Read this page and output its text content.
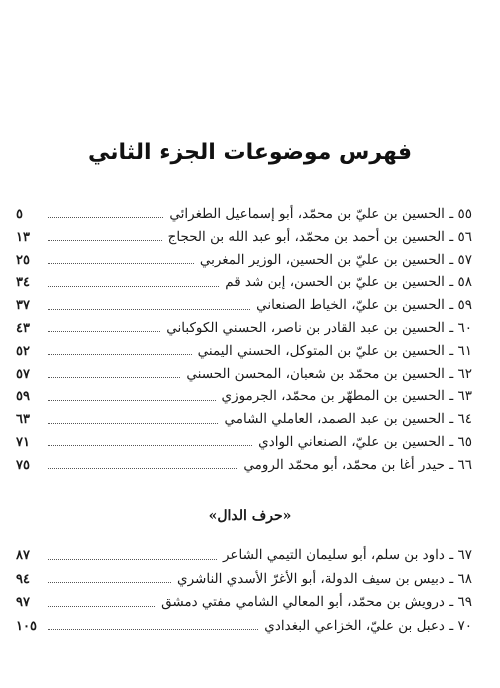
فهرس موضوعات الجزء الثاني
٥٥ ـ

الحسين بن عليّ بن محمّد، أبو إسماعيل الطغرائي
٥
٥٦ ـ

الحسين بن أحمد بن محمّد، أبو عبد الله بن الحجاج
١٣
٥٧ ـ

الحسين بن عليّ بن الحسين، الوزير المغربي
٢٥
٥٨ ـ

الحسين بن عليّ بن الحسن، إبن شد قم
٣٤
٥٩ ـ

الحسين بن عليّ، الخياط الصنعاني
٣٧
٦٠ ـ

الحسين بن عبد القادر بن ناصر، الحسني الكوكباني
٤٣
٦١ ـ

الحسين بن عليّ بن المتوكل، الحسني اليمني
٥٢
٦٢ ـ

الحسين بن محمّد بن شعبان، المحسن الحسني
٥٧
٦٣ ـ

الحسين بن المطهّر بن محمّد، الجرموزي
٥٩
٦٤ ـ

الحسين بن عبد الصمد، العاملي الشامي
٦٣
٦٥ ـ

الحسين بن عليّ، الصنعاني الوادي
٧١
٦٦ ـ

حيدر أغا بن محمّد، أبو محمّد الرومي
٧٥
«حرف الدال»
٦٧ ـ

داود بن سلم، أبو سليمان التيمي الشاعر
٨٧
٦٨ ـ

دبيس بن سيف الدولة، أبو الأغرّ الأسدي الناشري
٩٤
٦٩ ـ

درويش بن محمّد، أبو المعالي الشامي مفتي دمشق
٩٧
٧٠ ـ

دعبل بن عليّ، الخزاعي البغدادي
١٠٥
